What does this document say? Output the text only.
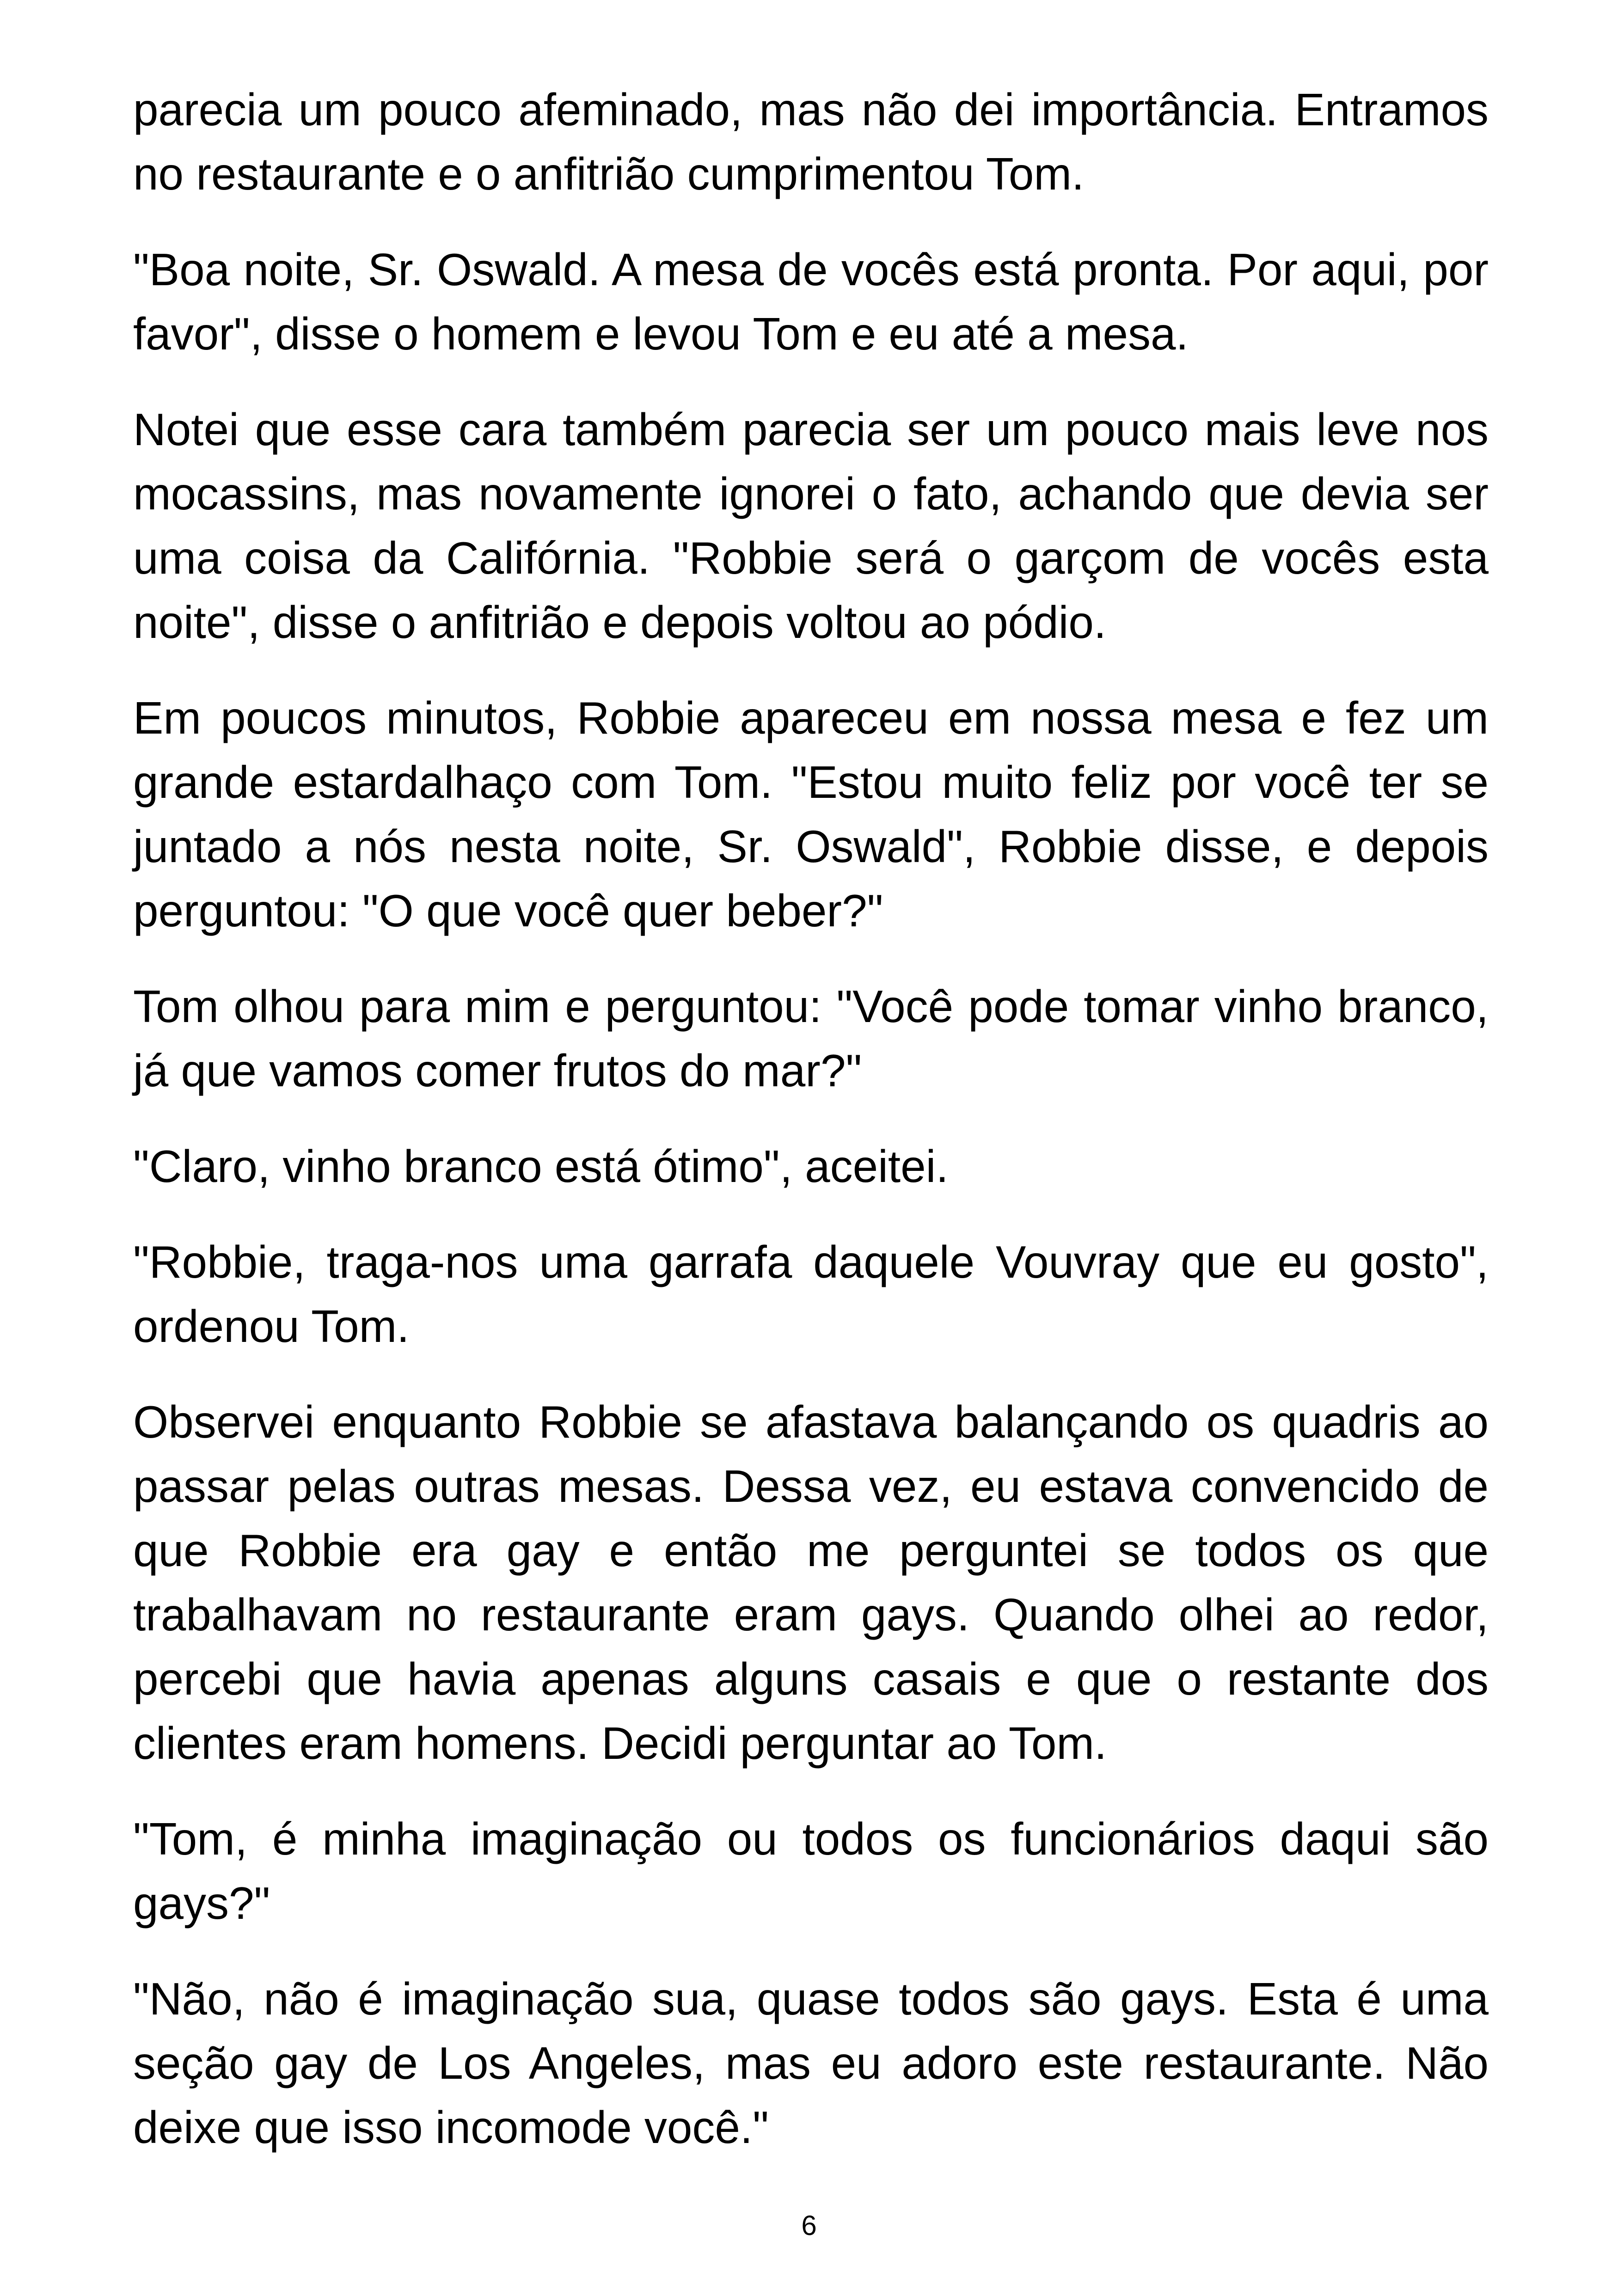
parecia um pouco afeminado, mas não dei importância. Entramos no restaurante e o anfitrião cumprimentou Tom.

"Boa noite, Sr. Oswald. A mesa de vocês está pronta. Por aqui, por favor", disse o homem e levou Tom e eu até a mesa.

Notei que esse cara também parecia ser um pouco mais leve nos mocassins, mas novamente ignorei o fato, achando que devia ser uma coisa da Califórnia. "Robbie será o garçom de vocês esta noite", disse o anfitrião e depois voltou ao pódio.

Em poucos minutos, Robbie apareceu em nossa mesa e fez um grande estardalhaço com Tom. "Estou muito feliz por você ter se juntado a nós nesta noite, Sr. Oswald", Robbie disse, e depois perguntou: "O que você quer beber?"

Tom olhou para mim e perguntou: "Você pode tomar vinho branco, já que vamos comer frutos do mar?"

"Claro, vinho branco está ótimo", aceitei.

"Robbie, traga-nos uma garrafa daquele Vouvray que eu gosto", ordenou Tom.

Observei enquanto Robbie se afastava balançando os quadris ao passar pelas outras mesas. Dessa vez, eu estava convencido de que Robbie era gay e então me perguntei se todos os que trabalhavam no restaurante eram gays. Quando olhei ao redor, percebi que havia apenas alguns casais e que o restante dos clientes eram homens. Decidi perguntar ao Tom.

"Tom, é minha imaginação ou todos os funcionários daqui são gays?"

"Não, não é imaginação sua, quase todos são gays. Esta é uma seção gay de Los Angeles, mas eu adoro este restaurante. Não deixe que isso incomode você."

6
